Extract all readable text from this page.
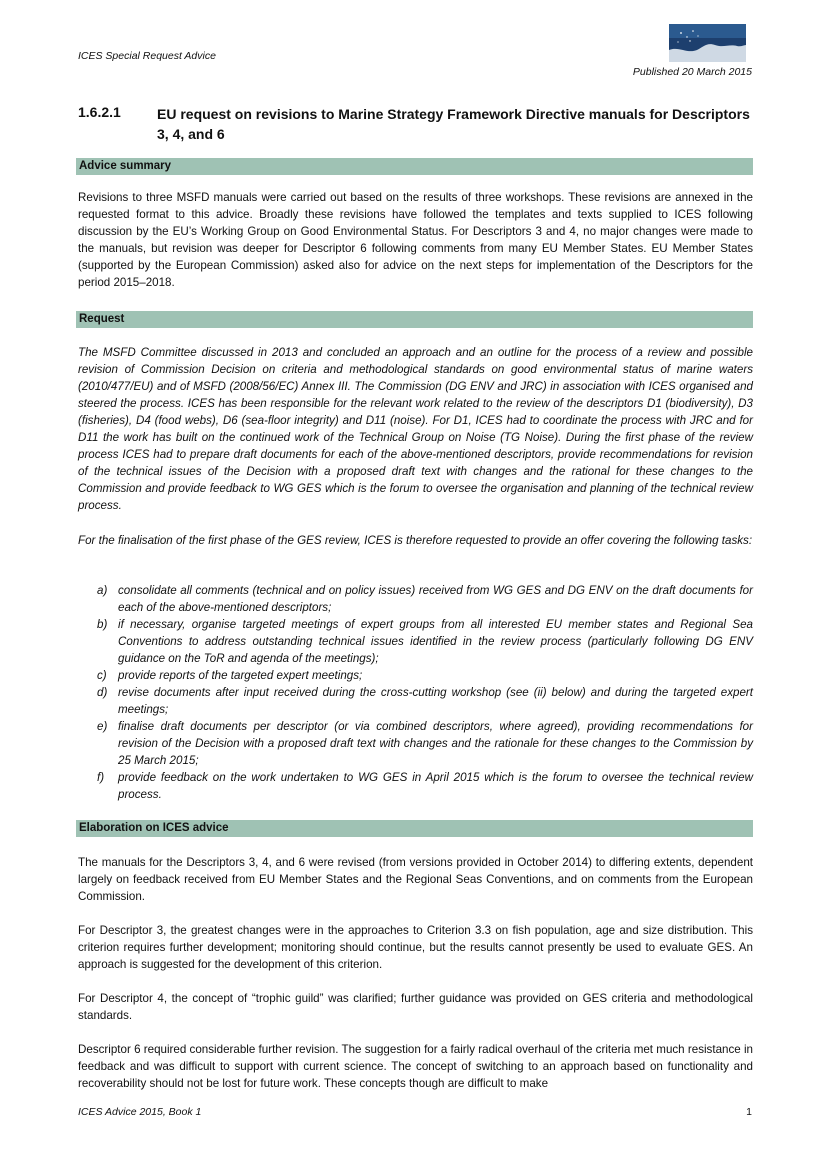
ICES Special Request Advice
Published 20 March 2015
1.6.2.1	EU request on revisions to Marine Strategy Framework Directive manuals for Descriptors 3, 4, and 6
Advice summary

Revisions to three MSFD manuals were carried out based on the results of three workshops. These revisions are annexed in the requested format to this advice. Broadly these revisions have followed the templates and texts supplied to ICES following discussion by the EU’s Working Group on Good Environmental Status. For Descriptors 3 and 4, no major changes were made to the manuals, but revision was deeper for Descriptor 6 following comments from many EU Member States. EU Member States (supported by the European Commission) asked also for advice on the next steps for implementation of the Descriptors for the period 2015–2018.

Request

The MSFD Committee discussed in 2013 and concluded an approach and an outline for the process of a review and possible revision of Commission Decision on criteria and methodological standards on good environmental status of marine waters (2010/477/EU) and of MSFD (2008/56/EC) Annex III. The Commission (DG ENV and JRC) in association with ICES organised and steered the process. ICES has been responsible for the relevant work related to the review of the descriptors D1 (biodiversity), D3 (fisheries), D4 (food webs), D6 (sea-floor integrity) and D11 (noise). For D1, ICES had to coordinate the process with JRC and for D11 the work has built on the continued work of the Technical Group on Noise (TG Noise). During the first phase of the review process ICES had to prepare draft documents for each of the above-mentioned descriptors, provide recommendations for revision of the technical issues of the Decision with a proposed draft text with changes and the rational for these changes to the Commission and provide feedback to WG GES which is the forum to oversee the organisation and planning of the technical review process.

For the finalisation of the first phase of the GES review, ICES is therefore requested to provide an offer covering the following tasks:

a) consolidate all comments (technical and on policy issues) received from WG GES and DG ENV on the draft documents for each of the above-mentioned descriptors;
b) if necessary, organise targeted meetings of expert groups from all interested EU member states and Regional Sea Conventions to address outstanding technical issues identified in the review process (particularly following DG ENV guidance on the ToR and agenda of the meetings);
c) provide reports of the targeted expert meetings;
d) revise documents after input received during the cross-cutting workshop (see (ii) below) and during the targeted expert meetings;
e) finalise draft documents per descriptor (or via combined descriptors, where agreed), providing recommendations for revision of the Decision with a proposed draft text with changes and the rationale for these changes to the Commission by 25 March 2015;
f) provide feedback on the work undertaken to WG GES in April 2015 which is the forum to oversee the technical review process.
Elaboration on ICES advice

The manuals for the Descriptors 3, 4, and 6 were revised (from versions provided in October 2014) to differing extents, dependent largely on feedback received from EU Member States and the Regional Seas Conventions, and on comments from the European Commission.

For Descriptor 3, the greatest changes were in the approaches to Criterion 3.3 on fish population, age and size distribution. This criterion requires further development; monitoring should continue, but the results cannot presently be used to evaluate GES. An approach is suggested for the development of this criterion.

For Descriptor 4, the concept of “trophic guild” was clarified; further guidance was provided on GES criteria and methodological standards.

Descriptor 6 required considerable further revision. The suggestion for a fairly radical overhaul of the criteria met much resistance in feedback and was difficult to support with current science. The concept of switching to an approach based on functionality and recoverability should not be lost for future work. These concepts though are difficult to make

ICES Advice 2015, Book 1	1
